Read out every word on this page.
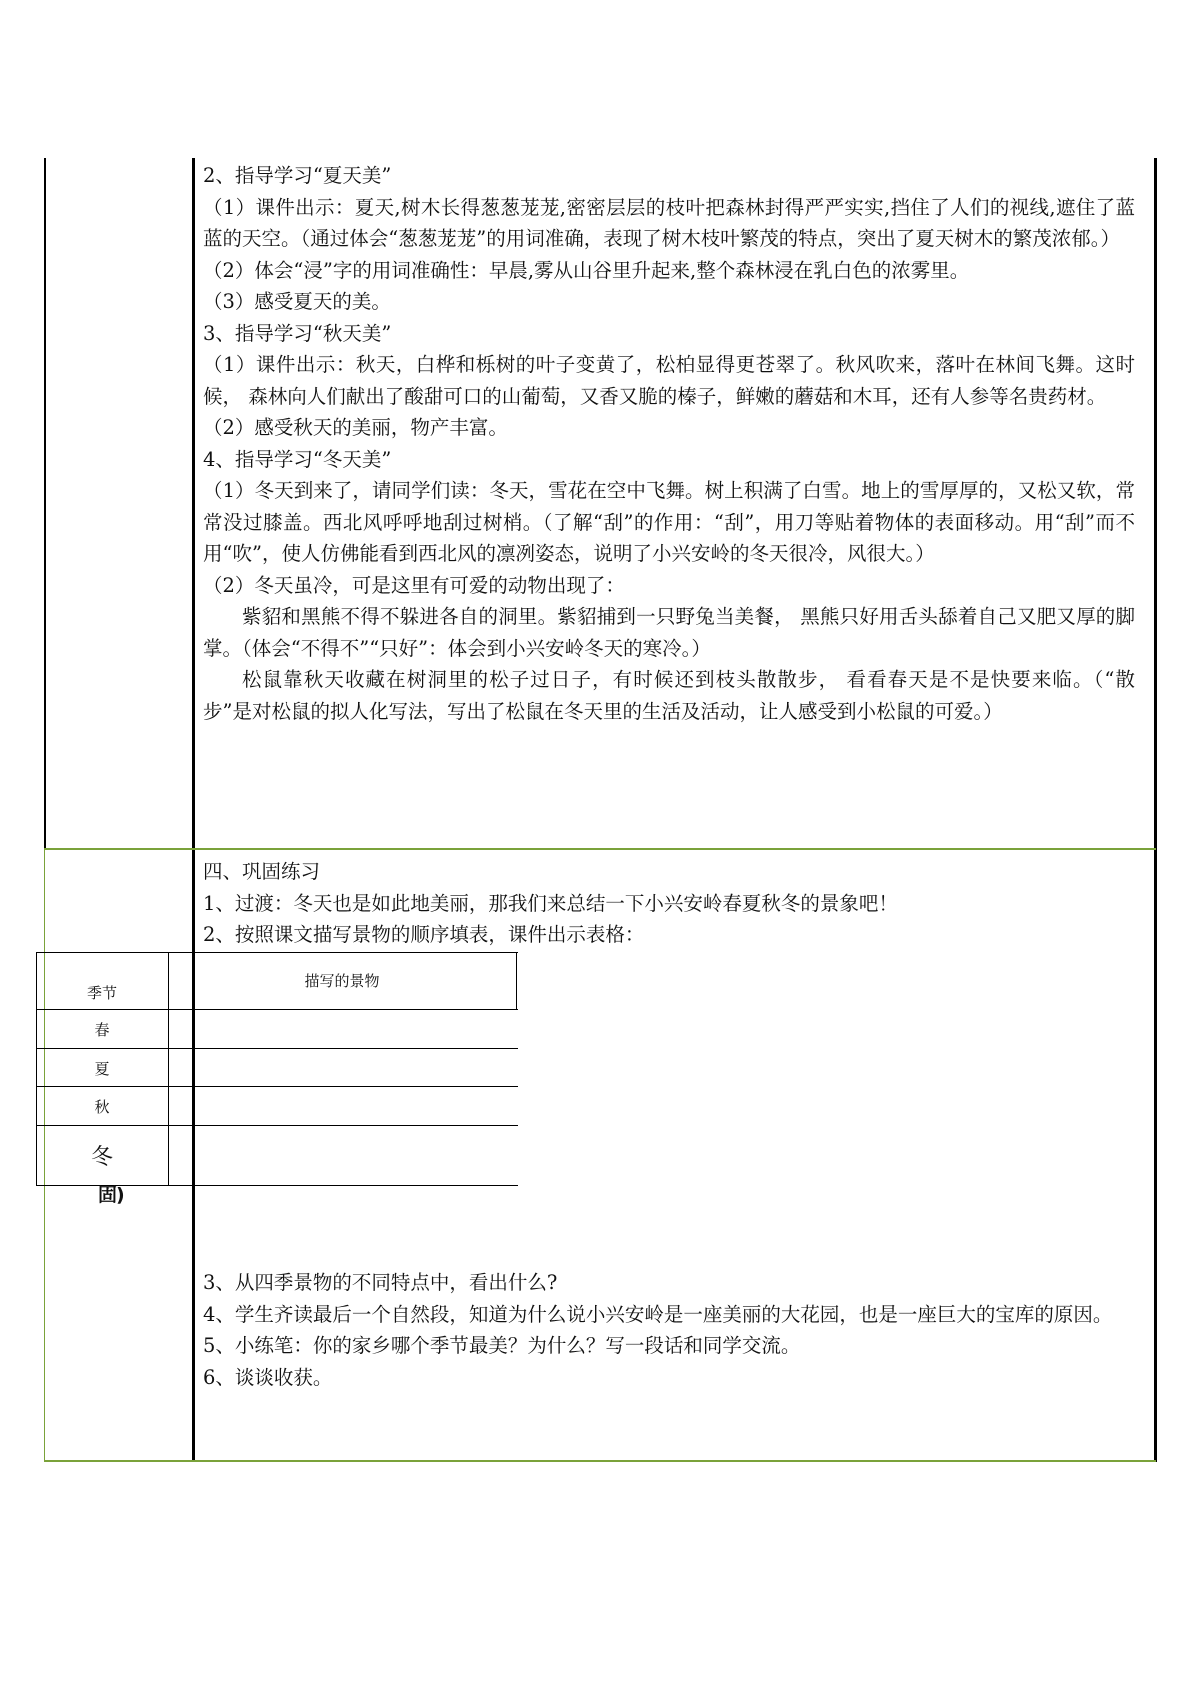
2、指导学习“夏天美”

（1）课件出示：夏天,树木长得葱葱茏茏,密密层层的枝叶把森林封得严严实实,挡住了人们的视线,遮住了蓝蓝的天空。（通过体会“葱葱茏茏”的用词准确，表现了树木枝叶繁茂的特点，突出了夏天树木的繁茂浓郁。）

（2）体会“浸”字的用词准确性：早晨,雾从山谷里升起来,整个森林浸在乳白色的浓雾里。

（3）感受夏天的美。

3、指导学习“秋天美”

（1）课件出示：秋天，白桦和栎树的叶子变黄了，松柏显得更苍翠了。秋风吹来，落叶在林间飞舞。这时候， 森林向人们献出了酸甜可口的山葡萄，又香又脆的榛子，鲜嫩的蘑菇和木耳，还有人参等名贵药材。

（2）感受秋天的美丽，物产丰富。

4、指导学习“冬天美”

（1）冬天到来了，请同学们读：冬天，雪花在空中飞舞。树上积满了白雪。地上的雪厚厚的，又松又软，常常没过膝盖。西北风呼呼地刮过树梢。（了解“刮”的作用：“刮”，用刀等贴着物体的表面移动。用“刮”而不用“吹”，使人仿佛能看到西北风的凛冽姿态，说明了小兴安岭的冬天很冷，风很大。）

（2）冬天虽冷，可是这里有可爱的动物出现了：

紫貂和黑熊不得不躲进各自的洞里。紫貂捕到一只野兔当美餐， 黑熊只好用舌头舔着自己又肥又厚的脚掌。（体会“不得不”“只好”：体会到小兴安岭冬天的寒冷。）

松鼠靠秋天收藏在树洞里的松子过日子，有时候还到枝头散散步， 看看春天是不是快要来临。（“散步”是对松鼠的拟人化写法，写出了松鼠在冬天里的生活及活动，让人感受到小松鼠的可爱。）

四、巩固练习

1、过渡：冬天也是如此地美丽，那我们来总结一下小兴安岭春夏秋冬的景象吧！

2、按照课文描写景物的顺序填表，课件出示表格：

季节
描写的景物
春
夏
秋
冬
固)

3、从四季景物的不同特点中，看出什么?

4、学生齐读最后一个自然段，知道为什么说小兴安岭是一座美丽的大花园，也是一座巨大的宝库的原因。

5、小练笔：你的家乡哪个季节最美？为什么？写一段话和同学交流。

6、谈谈收获。
